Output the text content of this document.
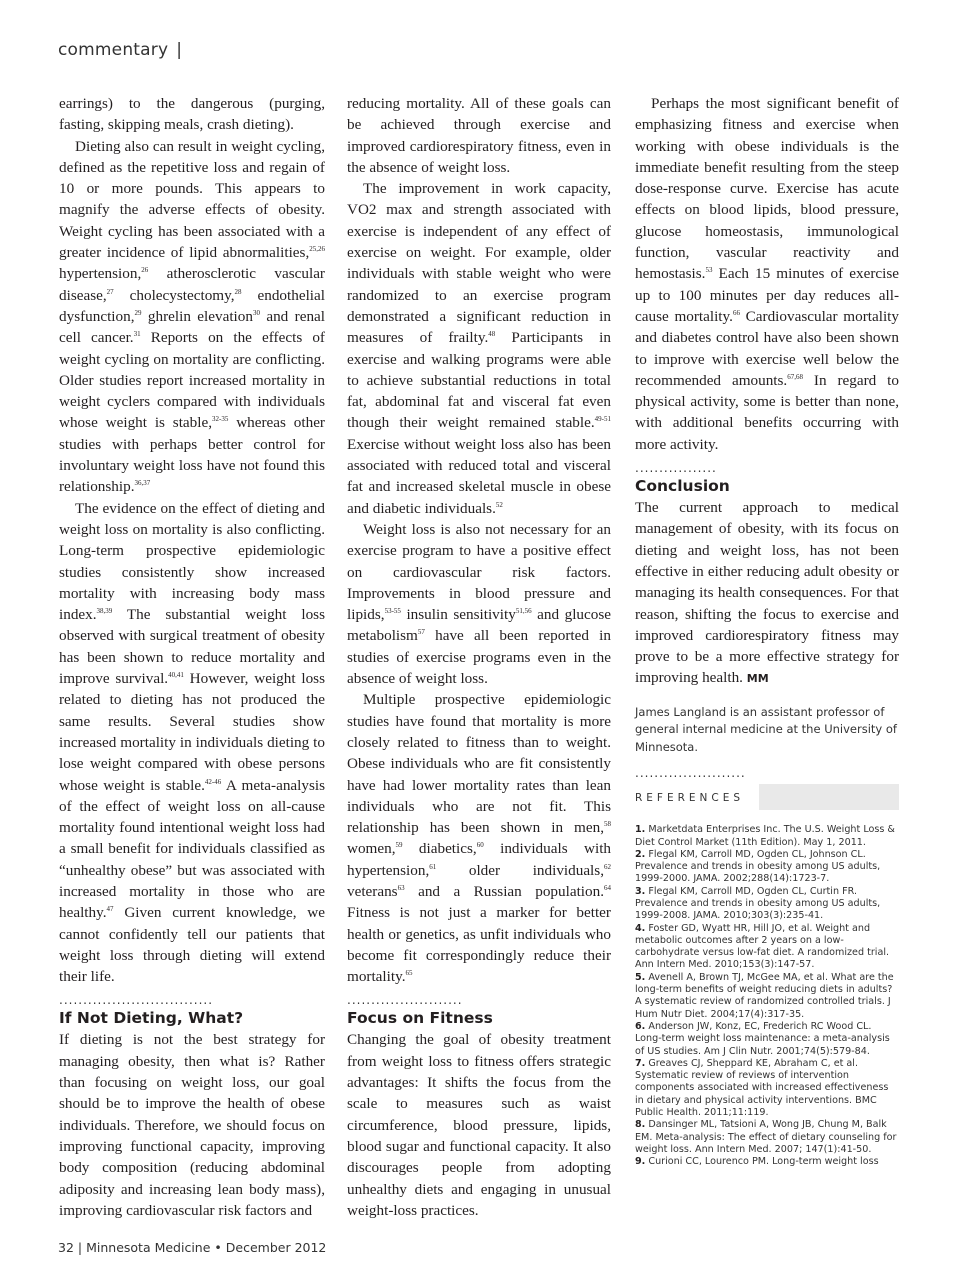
commentary |

earrings) to the dangerous (purging, fasting, skipping meals, crash dieting).

Dieting also can result in weight cycling, defined as the repetitive loss and regain of 10 or more pounds. This appears to magnify the adverse effects of obesity. Weight cycling has been associated with a greater incidence of lipid abnormalities,$^{25,26}$ hypertension,$^{26}$ atherosclerotic vascular disease,$^{27}$ cholecystectomy,$^{28}$ endothelial dysfunction,$^{29}$ ghrelin elevation$^{30}$ and renal cell cancer.$^{31}$ Reports on the effects of weight cycling on mortality are conflicting. Older studies report increased mortality in weight cyclers compared with individuals whose weight is stable,$^{32-35}$ whereas other studies with perhaps better control for involuntary weight loss have not found this relationship.$^{36,37}$

The evidence on the effect of dieting and weight loss on mortality is also conflicting. Long-term prospective epidemiologic studies consistently show increased mortality with increasing body mass index.$^{38,39}$ The substantial weight loss observed with surgical treatment of obesity has been shown to reduce mortality and improve survival.$^{40,41}$ However, weight loss related to dieting has not produced the same results. Several studies show increased mortality in individuals dieting to lose weight compared with obese persons whose weight is stable.$^{42-46}$ A meta-analysis of the effect of weight loss on all-cause mortality found intentional weight loss had a small benefit for individuals classified as “unhealthy obese” but was associated with increased mortality in those who are healthy.$^{47}$ Given current knowledge, we cannot confidently tell our patients that weight loss through dieting will extend their life.

................................
If Not Dieting, What?

If dieting is not the best strategy for managing obesity, then what is? Rather than focusing on weight loss, our goal should be to improve the health of obese individuals. Therefore, we should focus on improving functional capacity, improving body composition (reducing abdominal adiposity and increasing lean body mass), improving cardiovascular risk factors and

reducing mortality. All of these goals can be achieved through exercise and improved cardiorespiratory fitness, even in the absence of weight loss.

The improvement in work capacity, VO2 max and strength associated with exercise is independent of any effect of exercise on weight. For example, older individuals with stable weight who were randomized to an exercise program demonstrated a significant reduction in measures of frailty.$^{48}$ Participants in exercise and walking programs were able to achieve substantial reductions in total fat, abdominal fat and visceral fat even though their weight remained stable.$^{49-51}$ Exercise without weight loss also has been associated with reduced total and visceral fat and increased skeletal muscle in obese and diabetic individuals.$^{52}$

Weight loss is also not necessary for an exercise program to have a positive effect on cardiovascular risk factors. Improvements in blood pressure and lipids,$^{53-55}$ insulin sensitivity$^{51,56}$ and glucose metabolism$^{57}$ have all been reported in studies of exercise programs even in the absence of weight loss.

Multiple prospective epidemiologic studies have found that mortality is more closely related to fitness than to weight. Obese individuals who are fit consistently have had lower mortality rates than lean individuals who are not fit. This relationship has been shown in men,$^{58}$ women,$^{59}$ diabetics,$^{60}$ individuals with hypertension,$^{61}$ older individuals,$^{62}$ veterans$^{63}$ and a Russian population.$^{64}$ Fitness is not just a marker for better health or genetics, as unfit individuals who become fit correspondingly reduce their mortality.$^{65}$

........................
Focus on Fitness

Changing the goal of obesity treatment from weight loss to fitness offers strategic advantages: It shifts the focus from the scale to measures such as waist circumference, blood pressure, lipids, blood sugar and functional capacity. It also discourages people from adopting unhealthy diets and engaging in unusual weight-loss practices.

Perhaps the most significant benefit of emphasizing fitness and exercise when working with obese individuals is the immediate benefit resulting from the steep dose-response curve. Exercise has acute effects on blood lipids, blood pressure, glucose homeostasis, immunological function, vascular reactivity and hemostasis.$^{53}$ Each 15 minutes of exercise up to 100 minutes per day reduces all-cause mortality.$^{66}$ Cardiovascular mortality and diabetes control have also been shown to improve with exercise well below the recommended amounts.$^{67,68}$ In regard to physical activity, some is better than none, with additional benefits occurring with more activity.

.................
Conclusion

The current approach to medical management of obesity, with its focus on dieting and weight loss, has not been effective in either reducing adult obesity or managing its health consequences. For that reason, shifting the focus to exercise and improved cardiorespiratory fitness may prove to be a more effective strategy for improving health. MM

James Langland is an assistant professor of general internal medicine at the University of Minnesota.
.......................
REFERENCES

1. Marketdata Enterprises Inc. The U.S. Weight Loss & Diet Control Market (11th Edition). May 1, 2011.

2. Flegal KM, Carroll MD, Ogden CL, Johnson CL. Prevalence and trends in obesity among US adults, 1999-2000. JAMA. 2002;288(14):1723-7.

3. Flegal KM, Carroll MD, Ogden CL, Curtin FR. Prevalence and trends in obesity among US adults, 1999-2008. JAMA. 2010;303(3):235-41.

4. Foster GD, Wyatt HR, Hill JO, et al. Weight and metabolic outcomes after 2 years on a low-carbohydrate versus low-fat diet. A randomized trial. Ann Intern Med. 2010;153(3):147-57.

5. Avenell A, Brown TJ, McGee MA, et al. What are the long-term benefits of weight reducing diets in adults? A systematic review of randomized controlled trials. J Hum Nutr Diet. 2004;17(4):317-35.

6. Anderson JW, Konz, EC, Frederich RC Wood CL. Long-term weight loss maintenance: a meta-analysis of US studies. Am J Clin Nutr. 2001;74(5):579-84.

7. Greaves CJ, Sheppard KE, Abraham C, et al. Systematic review of reviews of intervention components associated with increased effectiveness in dietary and physical activity interventions. BMC Public Health. 2011;11:119.

8. Dansinger ML, Tatsioni A, Wong JB, Chung M, Balk EM. Meta-analysis: The effect of dietary counseling for weight loss. Ann Intern Med. 2007; 147(1):41-50.

9. Curioni CC, Lourenco PM. Long-term weight loss

32 | Minnesota Medicine • December 2012
